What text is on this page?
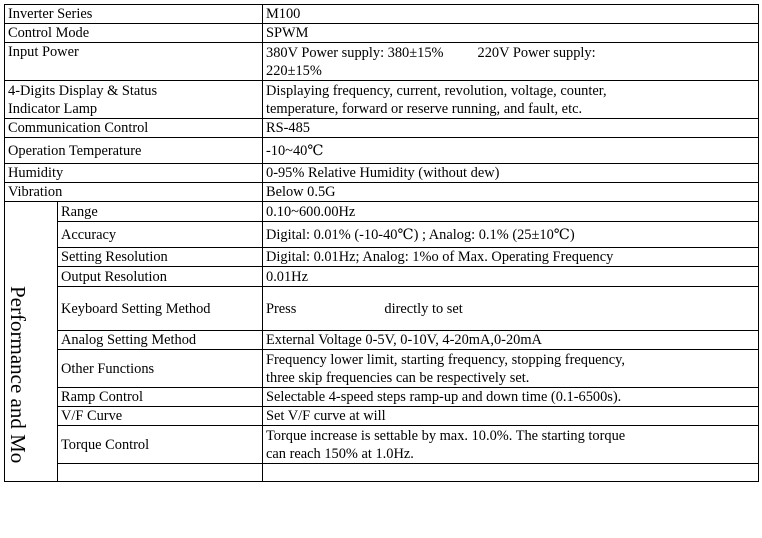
Inverter Series		M100
Control Mode		SPWM
Input Power		380V Power supply: 380±15% 220V Power supply:
220±15%
4-Digits Display & Status
Indicator Lamp		Displaying frequency, current, revolution, voltage, counter,
temperature, forward or reserve running, and fault, etc.
Communication Control		RS-485
Operation Temperature		-10~40℃
Humidity		0-95% Relative Humidity (without dew)
Vibration		Below 0.5G

Performance and Mo	Range	0.10~600.00Hz
	Accuracy	Digital: 0.01% (-10-40℃) ; Analog: 0.1% (25±10℃)
	Setting Resolution	Digital: 0.01Hz; Analog: 1%o of Max. Operating Frequency
	Output Resolution	0.01Hz
	Keyboard Setting Method	Press directly to set
	Analog Setting Method	External Voltage 0-5V, 0-10V, 4-20mA,0-20mA
	Other Functions	Frequency lower limit, starting frequency, stopping frequency,
three skip frequencies can be respectively set.
	Ramp Control	Selectable 4-speed steps ramp-up and down time (0.1-6500s).
	V/F Curve	Set V/F curve at will
	Torque Control	Torque increase is settable by max. 10.0%. The starting torque
can reach 150% at 1.0Hz.
